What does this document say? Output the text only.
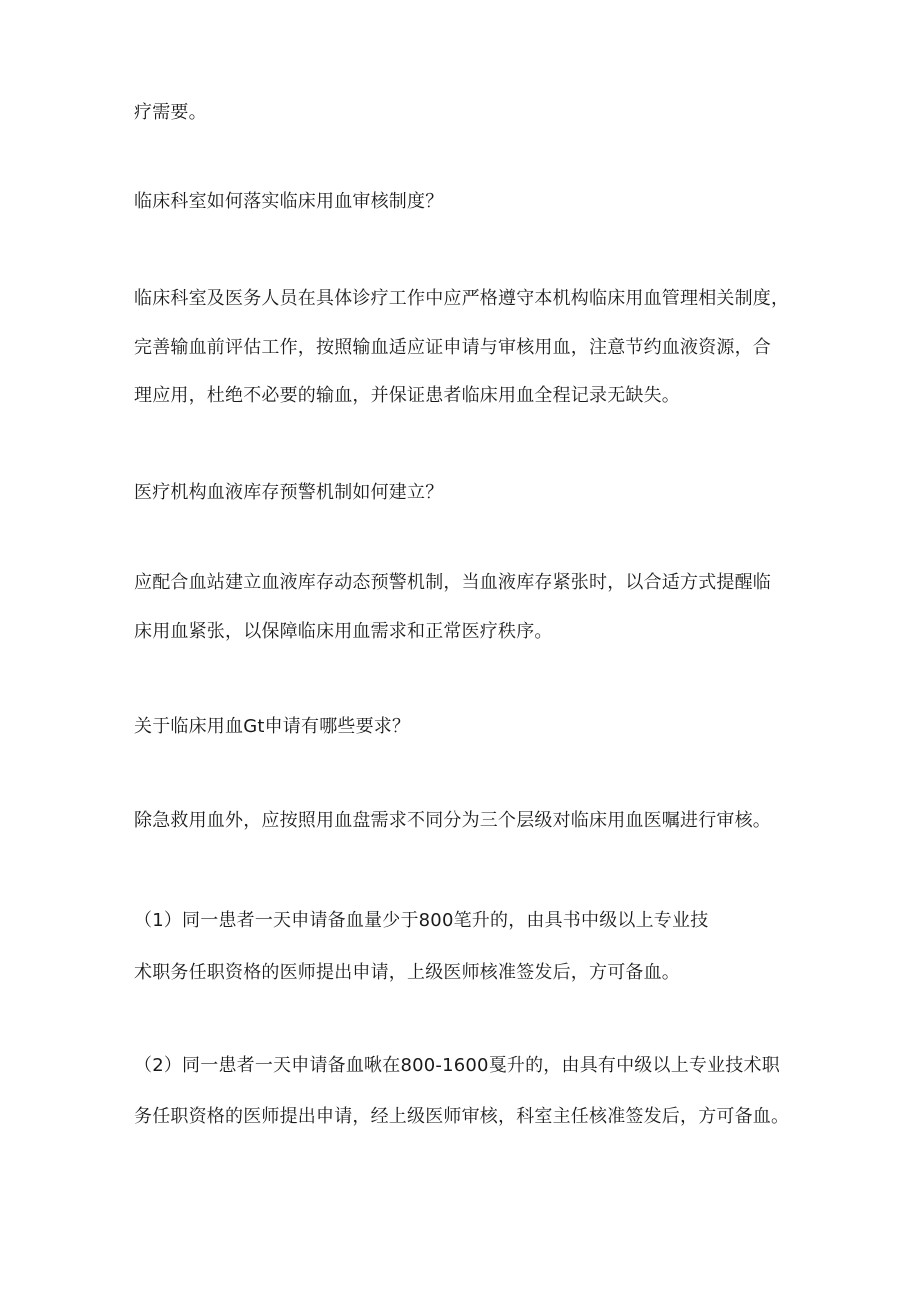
疗需要。
临床科室如何落实临床用血审核制度？
临床科室及医务人员在具体诊疗工作中应严格遵守本机构临床用血管理相关制度，
完善输血前评估工作，按照输血适应证申请与审核用血，注意节约血液资源，合
理应用，杜绝不必要的输血，并保证患者临床用血全程记录无缺失。
医疗机构血液库存预警机制如何建立？
应配合血站建立血液库存动态预警机制，当血液库存紧张时，以合适方式提醒临
床用血紧张，以保障临床用血需求和正常医疗秩序。
关于临床用血Gt申请有哪些要求？
除急救用血外，应按照用血盘需求不同分为三个层级对临床用血医嘱进行审核。
（1）同一患者一天申请备血量少于800笔升的，由具书中级以上专业技
术职务任职资格的医师提出申请，上级医师核准签发后，方可备血。
（2）同一患者一天申请备血啾在800-1600戛升的，由具有中级以上专业技术职
务任职资格的医师提出申请，经上级医师审核，科室主任核准签发后，方可备血。
